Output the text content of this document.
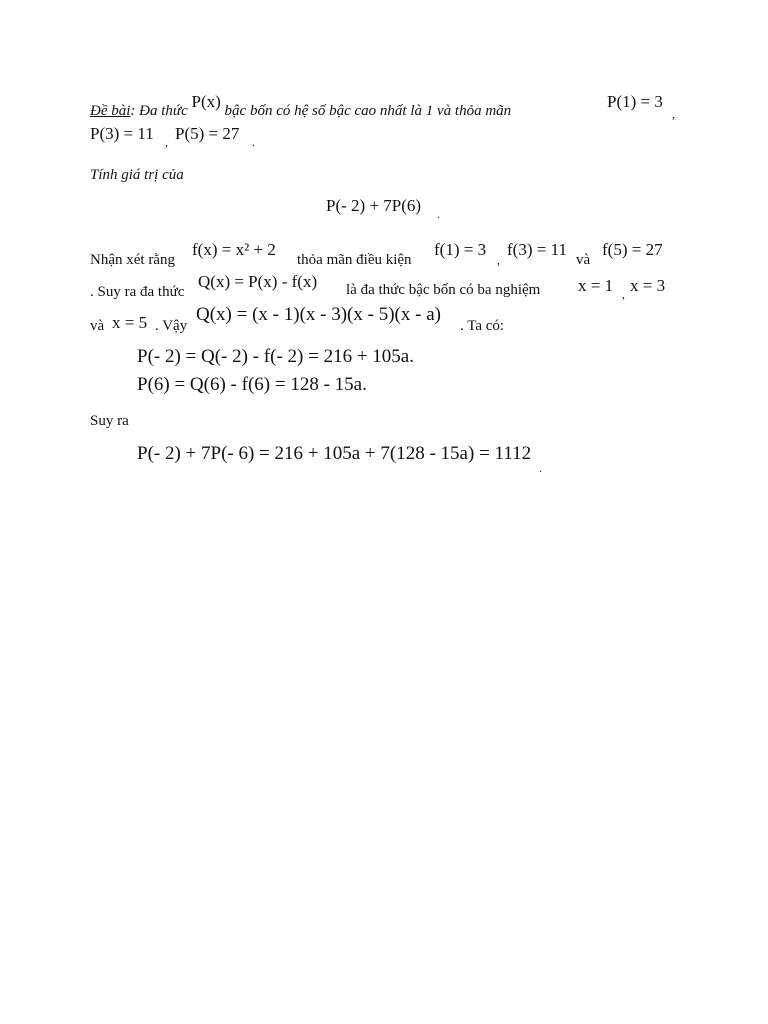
Đề bài: Đa thức P(x) bậc bốn có hệ số bậc cao nhất là 1 và thỏa mãn	P(1) = 3
,
P(3) = 11 , P(5) = 27 .
Tính giá trị của
P(- 2) + 7P(6) .
Nhận xét rằng
f(x) = x² + 2
thỏa mãn điều kiện
f(1) = 3
,
f(3) = 11
và
f(5) = 27
. Suy ra đa thức
Q(x) = P(x) - f(x) là đa thức bậc bốn có ba nghiệm x = 1 , x = 3
và x = 5 . Vậy
Q(x) = (x - 1)(x - 3)(x - 5)(x - a)
. Ta có:
P(- 2) = Q(- 2) - f(- 2) = 216 + 105a.
P(6) = Q(6) - f(6) = 128 - 15a.
Suy ra
P(- 2) + 7P(- 6) = 216 + 105a + 7(128 - 15a) = 1112
.
